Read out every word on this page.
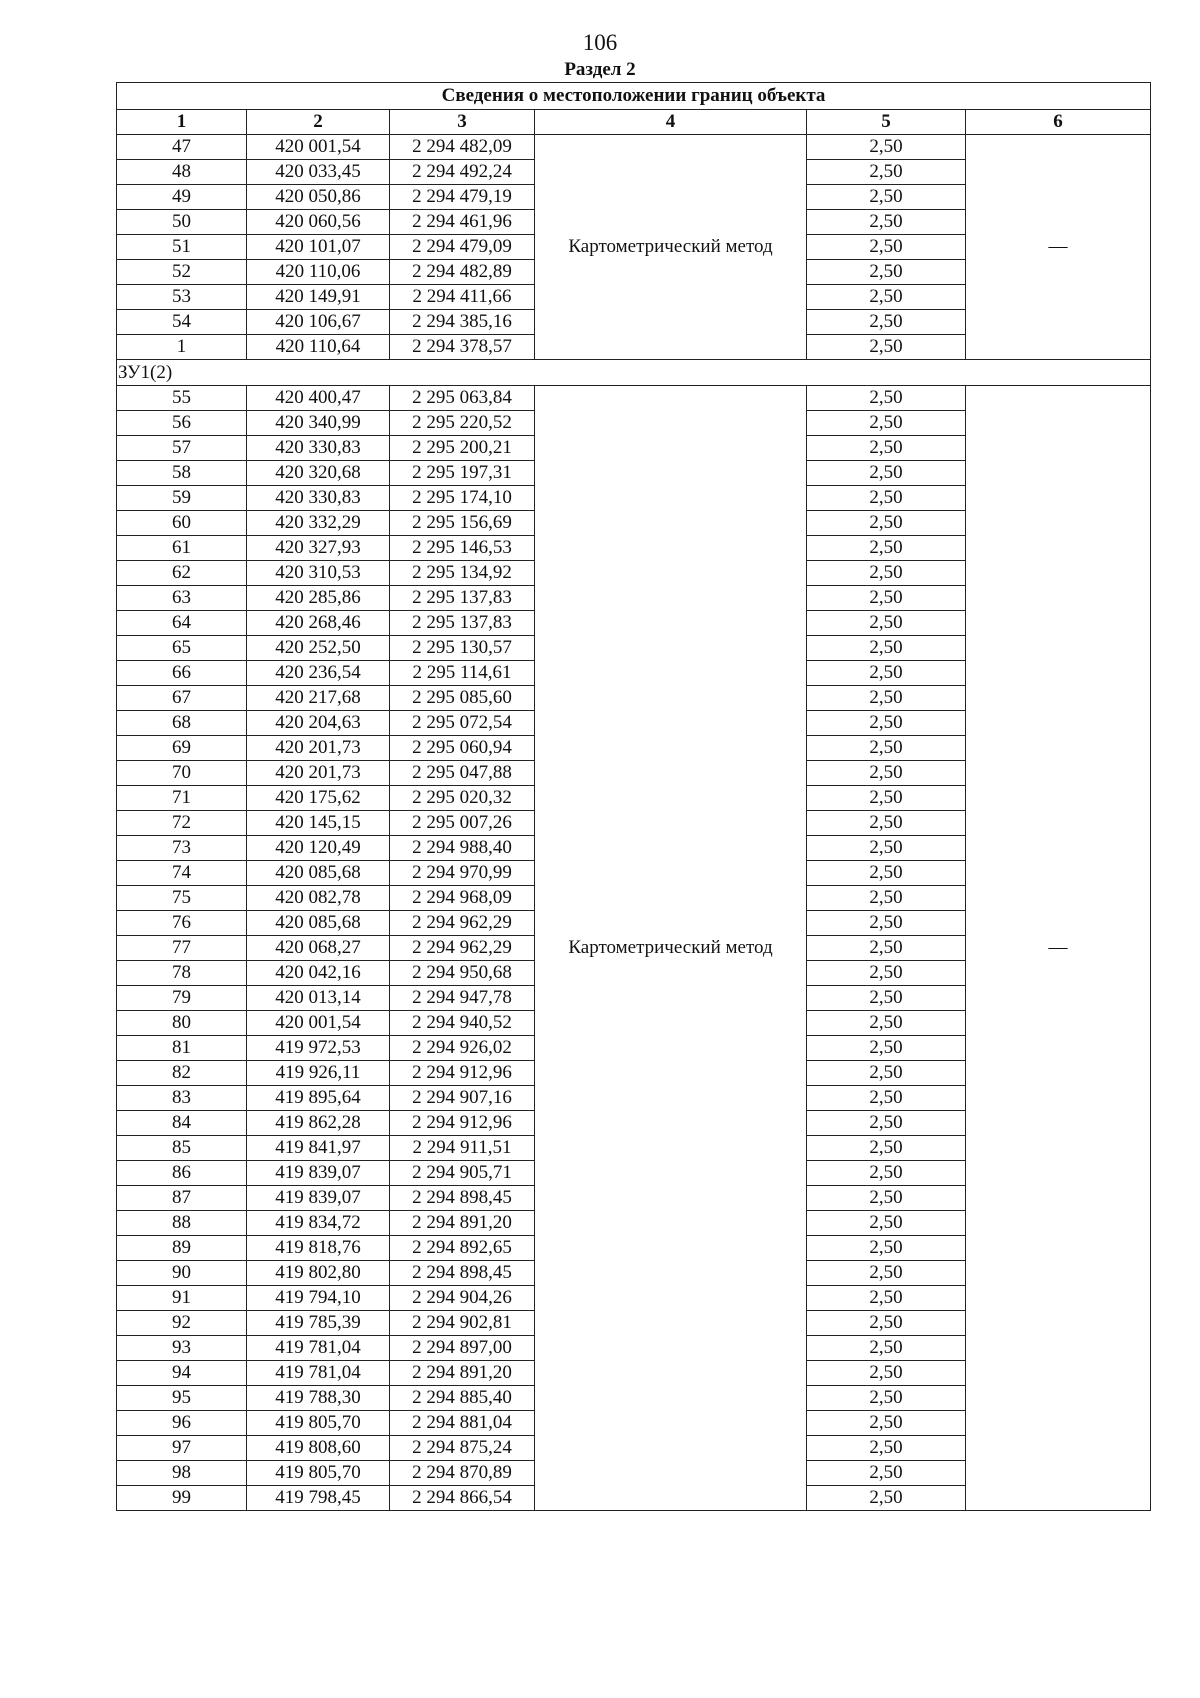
106
Раздел 2
Сведения о местоположении границ объекта					
1	2	3	4	5	6
47	420 001,54	2 294 482,09	Картометрический метод	2,50	—
48	420 033,45	2 294 492,24		2,50	
49	420 050,86	2 294 479,19		2,50	
50	420 060,56	2 294 461,96		2,50	
51	420 101,07	2 294 479,09		2,50	
52	420 110,06	2 294 482,89		2,50	
53	420 149,91	2 294 411,66		2,50	
54	420 106,67	2 294 385,16		2,50	
1	420 110,64	2 294 378,57		2,50	
ЗУ1(2)					
55	420 400,47	2 295 063,84	Картометрический метод	2,50	—
56	420 340,99	2 295 220,52		2,50	
57	420 330,83	2 295 200,21		2,50	
58	420 320,68	2 295 197,31		2,50	
59	420 330,83	2 295 174,10		2,50	
60	420 332,29	2 295 156,69		2,50	
61	420 327,93	2 295 146,53		2,50	
62	420 310,53	2 295 134,92		2,50	
63	420 285,86	2 295 137,83		2,50	
64	420 268,46	2 295 137,83		2,50	
65	420 252,50	2 295 130,57		2,50	
66	420 236,54	2 295 114,61		2,50	
67	420 217,68	2 295 085,60		2,50	
68	420 204,63	2 295 072,54		2,50	
69	420 201,73	2 295 060,94		2,50	
70	420 201,73	2 295 047,88		2,50	
71	420 175,62	2 295 020,32		2,50	
72	420 145,15	2 295 007,26		2,50	
73	420 120,49	2 294 988,40		2,50	
74	420 085,68	2 294 970,99		2,50	
75	420 082,78	2 294 968,09		2,50	
76	420 085,68	2 294 962,29		2,50	
77	420 068,27	2 294 962,29		2,50	
78	420 042,16	2 294 950,68		2,50	
79	420 013,14	2 294 947,78		2,50	
80	420 001,54	2 294 940,52		2,50	
81	419 972,53	2 294 926,02		2,50	
82	419 926,11	2 294 912,96		2,50	
83	419 895,64	2 294 907,16		2,50	
84	419 862,28	2 294 912,96		2,50	
85	419 841,97	2 294 911,51		2,50	
86	419 839,07	2 294 905,71		2,50	
87	419 839,07	2 294 898,45		2,50	
88	419 834,72	2 294 891,20		2,50	
89	419 818,76	2 294 892,65		2,50	
90	419 802,80	2 294 898,45		2,50	
91	419 794,10	2 294 904,26		2,50	
92	419 785,39	2 294 902,81		2,50	
93	419 781,04	2 294 897,00		2,50	
94	419 781,04	2 294 891,20		2,50	
95	419 788,30	2 294 885,40		2,50	
96	419 805,70	2 294 881,04		2,50	
97	419 808,60	2 294 875,24		2,50	
98	419 805,70	2 294 870,89		2,50	
99	419 798,45	2 294 866,54		2,50	
